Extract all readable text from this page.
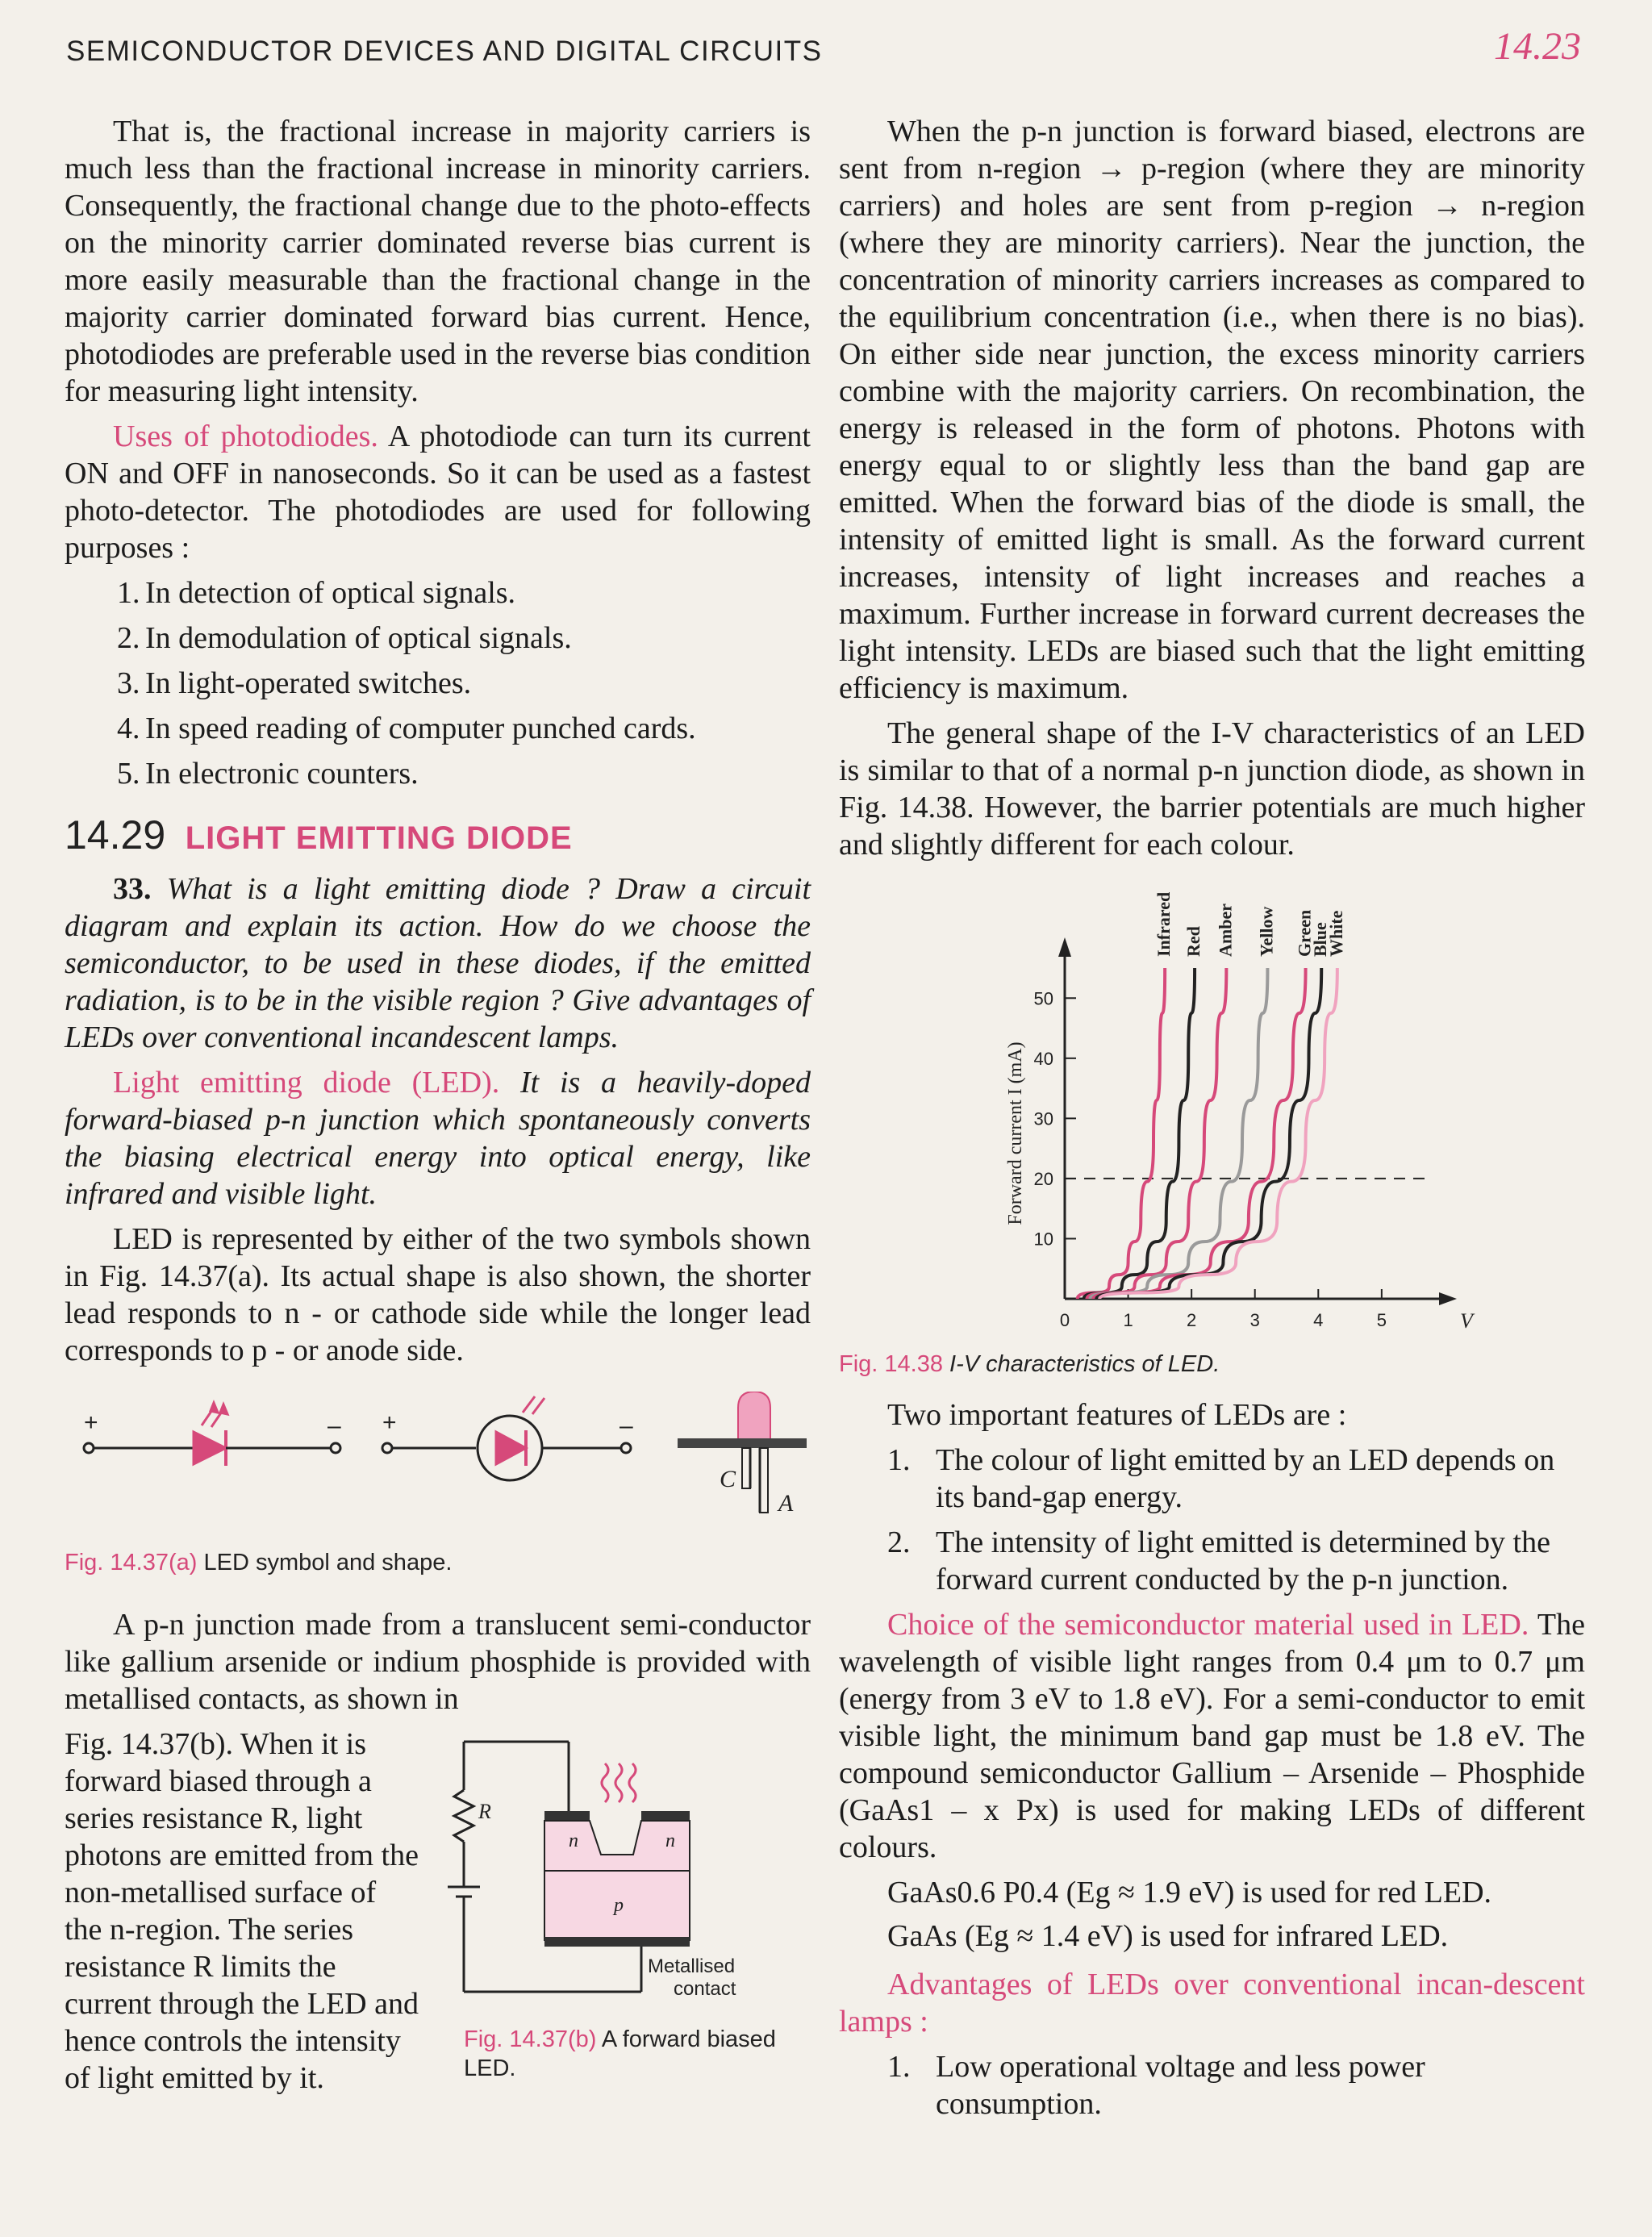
SEMICONDUCTOR DEVICES AND DIGITAL CIRCUITS	14.23

That is, the fractional increase in majority carriers is much less than the fractional increase in minority carriers. Consequently, the fractional change due to the photo-effects on the minority carrier dominated reverse bias current is more easily measurable than the fractional change in the majority carrier dominated forward bias current. Hence, photodiodes are preferable used in the reverse bias condition for measuring light intensity.

Uses of photodiodes. A photodiode can turn its current ON and OFF in nanoseconds. So it can be used as a fastest photo-detector. The photodiodes are used for following purposes :

1. In detection of optical signals.
2. In demodulation of optical signals.
3. In light-operated switches.
4. In speed reading of computer punched cards.
5. In electronic counters.
14.29 LIGHT EMITTING DIODE

33. What is a light emitting diode ? Draw a circuit diagram and explain its action. How do we choose the semiconductor, to be used in these diodes, if the emitted radiation, is to be in the visible region ? Give advantages of LEDs over conventional incandescent lamps.

Light emitting diode (LED). It is a heavily-doped forward-biased p-n junction which spontaneously converts the biasing electrical energy into optical energy, like infrared and visible light.

LED is represented by either of the two symbols shown in Fig. 14.37(a). Its actual shape is also shown, the shorter lead responds to n - or cathode side while the longer lead corresponds to p - or anode side.

+	– +	–
C
A
Fig. 14.37(a) LED symbol and shape.

A p-n junction made from a translucent semi-conductor like gallium arsenide or indium phosphide is provided with metallised contacts, as shown in

R
n	n
p
Metallised
contact
Fig. 14.37(b) A forward biased LED.

Fig. 14.37(b). When it is forward biased through a series resistance R, light photons are emitted from the non-metallised surface of the n-region. The series resistance R limits the current through the LED and hence controls the intensity of light emitted by it.

When the p-n junction is forward biased, electrons are sent from n-region → p-region (where they are minority carriers) and holes are sent from p-region → n-region (where they are minority carriers). Near the junction, the concentration of minority carriers increases as compared to the equilibrium concentration (i.e., when there is no bias). On either side near junction, the excess minority carriers combine with the majority carriers. On recombination, the energy is released in the form of photons. Photons with energy equal to or slightly less than the band gap are emitted. When the forward bias of the diode is small, the intensity of emitted light is small. As the forward current increases, intensity of light increases and reaches a maximum. Further increase in forward current decreases the light intensity. LEDs are biased such that the light emitting efficiency is maximum.

The general shape of the I-V characteristics of an LED is similar to that of a normal p-n junction diode, as shown in Fig. 14.38. However, the barrier potentials are much higher and slightly different for each colour.

10
20
30
40
50
0	1	2	3	4	5	V
Forward current I (mA)
Infrared Red Amber Yellow Green
Blue
White
Fig. 14.38 I-V characteristics of LED.

Two important features of LEDs are :

1. The colour of light emitted by an LED depends on its band-gap energy.
2. The intensity of light emitted is determined by the forward current conducted by the p-n junction.

Choice of the semiconductor material used in LED. The wavelength of visible light ranges from 0.4 μm to 0.7 μm (energy from 3 eV to 1.8 eV). For a semi-conductor to emit visible light, the minimum band gap must be 1.8 eV. The compound semiconductor Gallium – Arsenide – Phosphide (GaAs1 – x Px) is used for making LEDs of different colours.

GaAs0.6 P0.4 (Eg ≈ 1.9 eV) is used for red LED.
GaAs (Eg ≈ 1.4 eV) is used for infrared LED.

Advantages of LEDs over conventional incan-descent lamps :

1. Low operational voltage and less power consumption.
